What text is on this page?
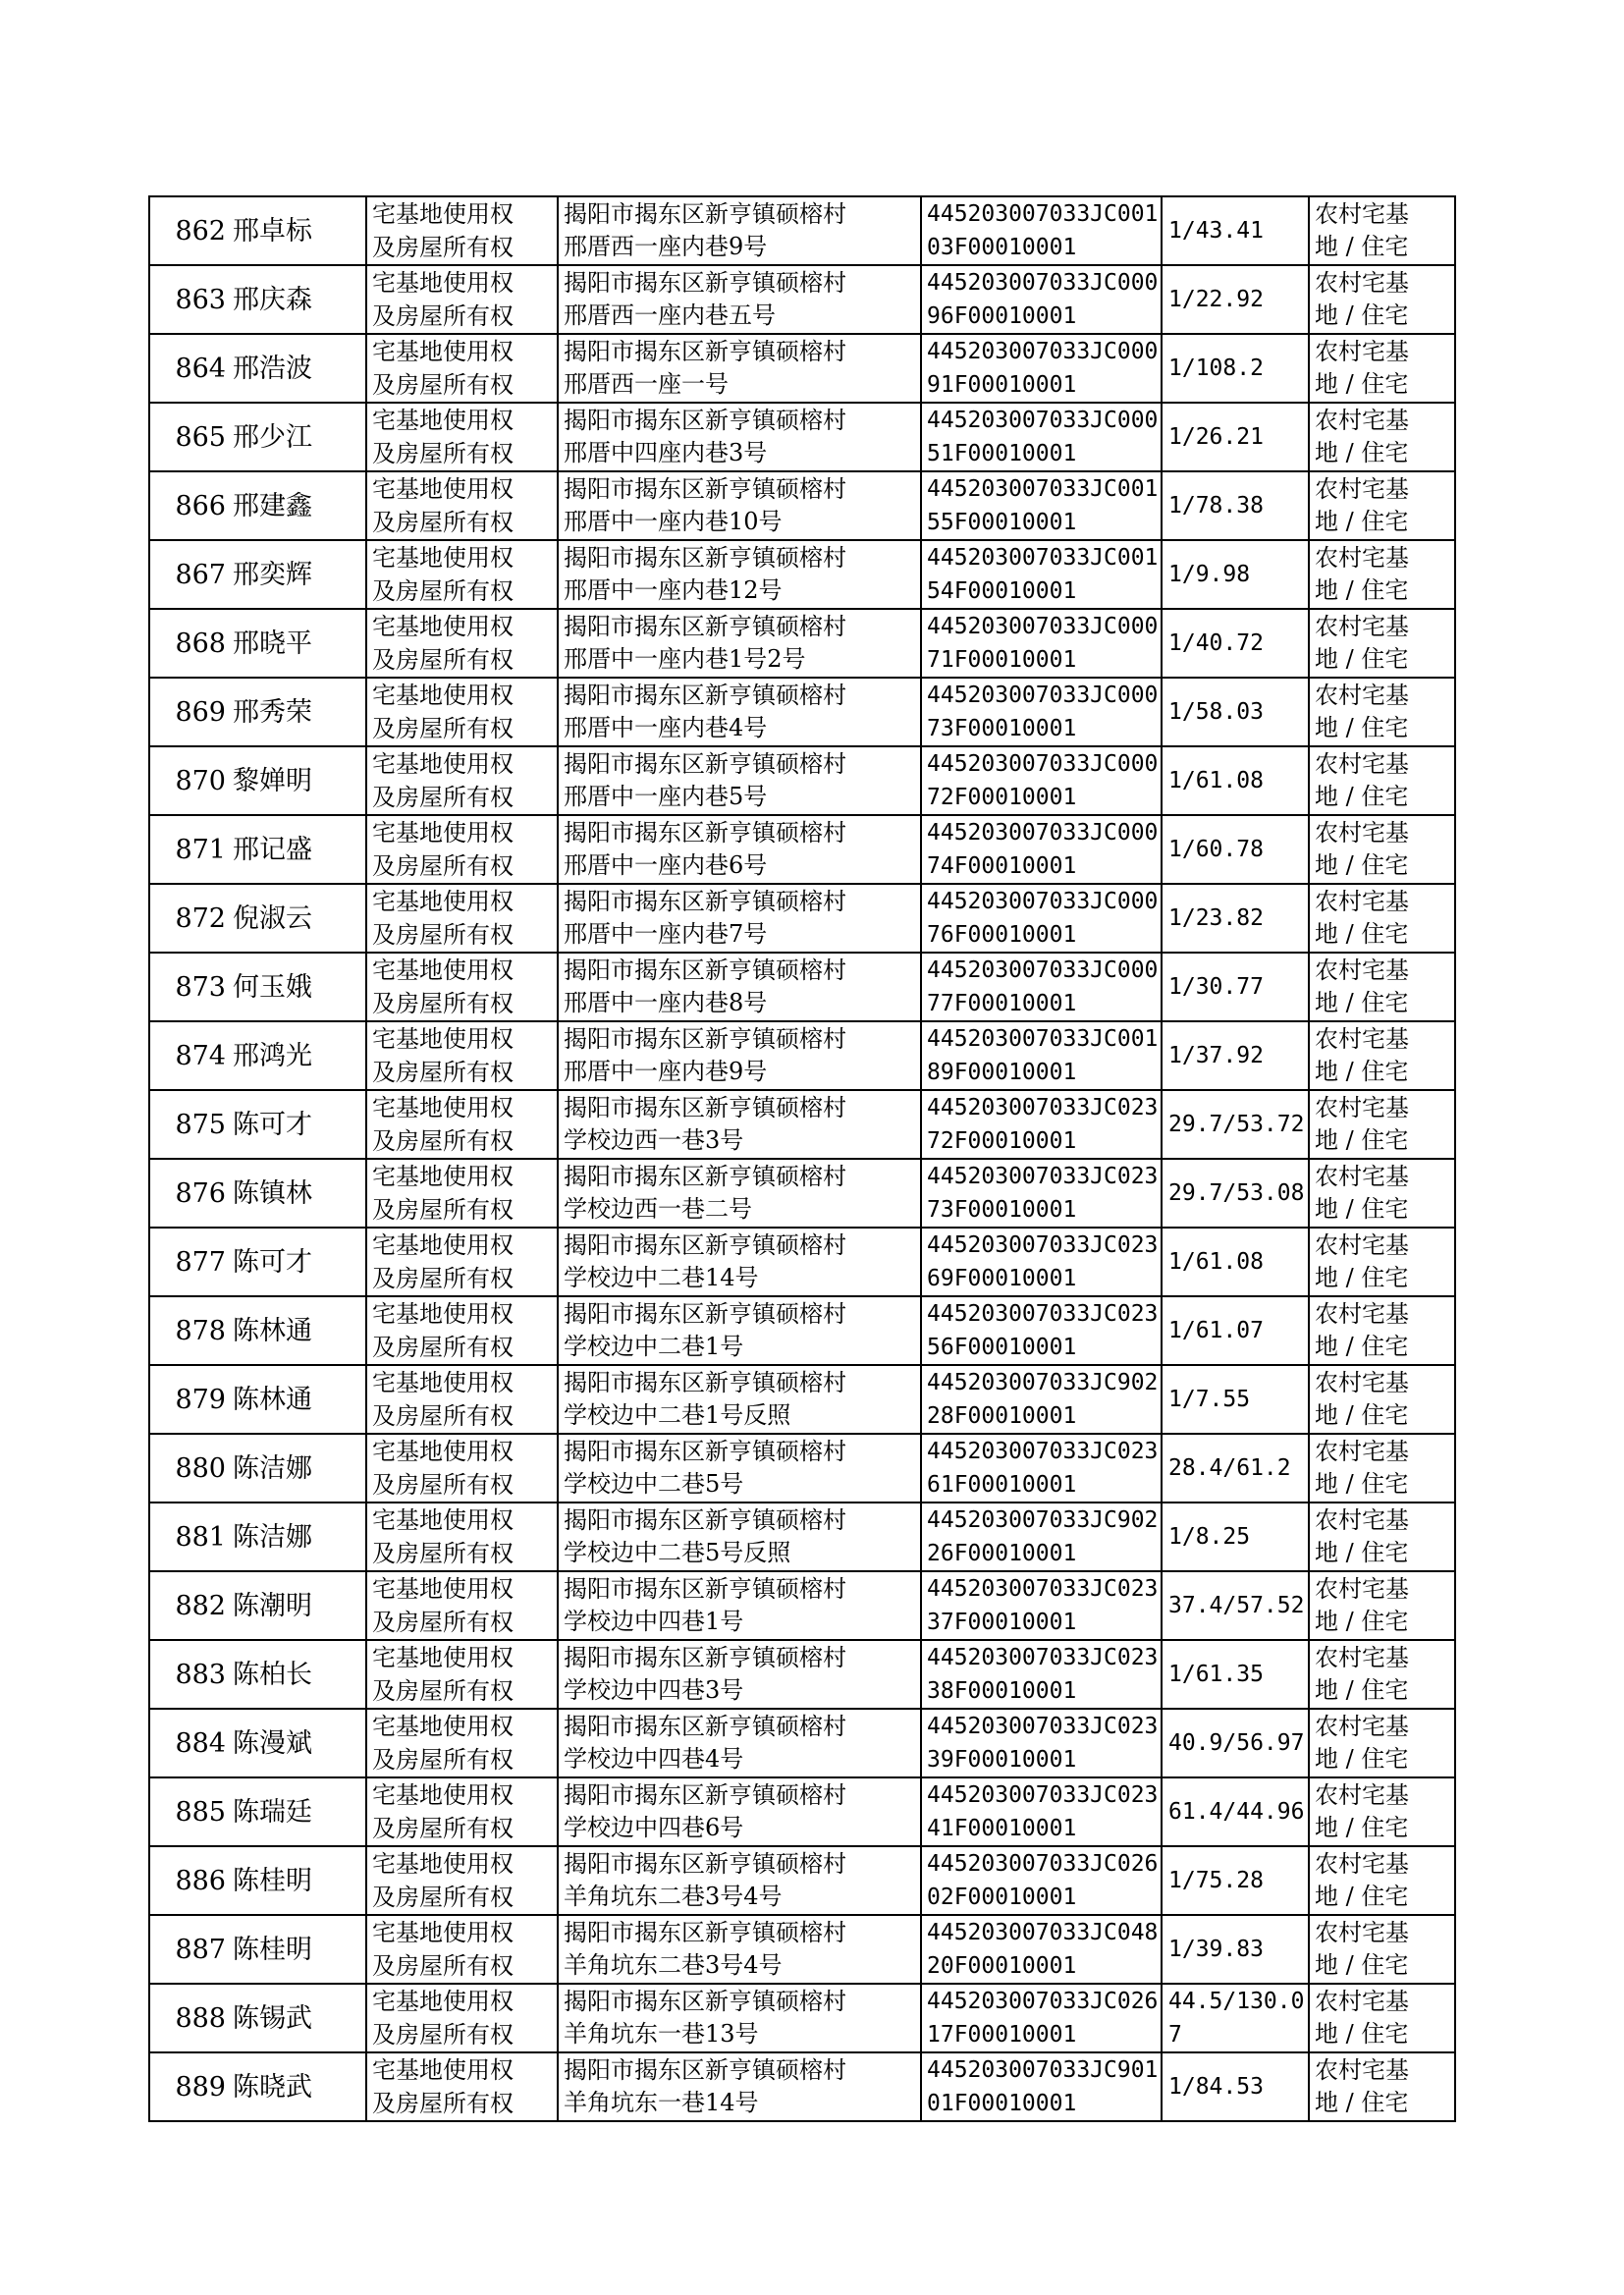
862	邢卓标	宅基地使用权
及房屋所有权	揭阳市揭东区新亨镇硕榕村
邢厝西一座内巷9号	445203007033JC00103F00010001	1/43.41	农村宅基
地 / 住宅

863	邢庆森	宅基地使用权
及房屋所有权	揭阳市揭东区新亨镇硕榕村
邢厝西一座内巷五号	445203007033JC00096F00010001	1/22.92	农村宅基
地 / 住宅

864	邢浩波	宅基地使用权
及房屋所有权	揭阳市揭东区新亨镇硕榕村
邢厝西一座一号	445203007033JC00091F00010001	1/108.2	农村宅基
地 / 住宅

865	邢少江	宅基地使用权
及房屋所有权	揭阳市揭东区新亨镇硕榕村
邢厝中四座内巷3号	445203007033JC00051F00010001	1/26.21	农村宅基
地 / 住宅

866	邢建鑫	宅基地使用权
及房屋所有权	揭阳市揭东区新亨镇硕榕村
邢厝中一座内巷10号	445203007033JC00155F00010001	1/78.38	农村宅基
地 / 住宅

867	邢奕辉	宅基地使用权
及房屋所有权	揭阳市揭东区新亨镇硕榕村
邢厝中一座内巷12号	445203007033JC00154F00010001	1/9.98	农村宅基
地 / 住宅

868	邢晓平	宅基地使用权
及房屋所有权	揭阳市揭东区新亨镇硕榕村
邢厝中一座内巷1号2号	445203007033JC00071F00010001	1/40.72	农村宅基
地 / 住宅

869	邢秀荣	宅基地使用权
及房屋所有权	揭阳市揭东区新亨镇硕榕村
邢厝中一座内巷4号	445203007033JC00073F00010001	1/58.03	农村宅基
地 / 住宅

870	黎婵明	宅基地使用权
及房屋所有权	揭阳市揭东区新亨镇硕榕村
邢厝中一座内巷5号	445203007033JC00072F00010001	1/61.08	农村宅基
地 / 住宅

871	邢记盛	宅基地使用权
及房屋所有权	揭阳市揭东区新亨镇硕榕村
邢厝中一座内巷6号	445203007033JC00074F00010001	1/60.78	农村宅基
地 / 住宅

872	倪淑云	宅基地使用权
及房屋所有权	揭阳市揭东区新亨镇硕榕村
邢厝中一座内巷7号	445203007033JC00076F00010001	1/23.82	农村宅基
地 / 住宅

873	何玉娥	宅基地使用权
及房屋所有权	揭阳市揭东区新亨镇硕榕村
邢厝中一座内巷8号	445203007033JC00077F00010001	1/30.77	农村宅基
地 / 住宅

874	邢鸿光	宅基地使用权
及房屋所有权	揭阳市揭东区新亨镇硕榕村
邢厝中一座内巷9号	445203007033JC00189F00010001	1/37.92	农村宅基
地 / 住宅

875	陈可才	宅基地使用权
及房屋所有权	揭阳市揭东区新亨镇硕榕村
学校边西一巷3号	445203007033JC02372F00010001	29.7/53.72	农村宅基
地 / 住宅

876	陈镇林	宅基地使用权
及房屋所有权	揭阳市揭东区新亨镇硕榕村
学校边西一巷二号	445203007033JC02373F00010001	29.7/53.08	农村宅基
地 / 住宅

877	陈可才	宅基地使用权
及房屋所有权	揭阳市揭东区新亨镇硕榕村
学校边中二巷14号	445203007033JC02369F00010001	1/61.08	农村宅基
地 / 住宅

878	陈林通	宅基地使用权
及房屋所有权	揭阳市揭东区新亨镇硕榕村
学校边中二巷1号	445203007033JC02356F00010001	1/61.07	农村宅基
地 / 住宅

879	陈林通	宅基地使用权
及房屋所有权	揭阳市揭东区新亨镇硕榕村
学校边中二巷1号反照	445203007033JC90228F00010001	1/7.55	农村宅基
地 / 住宅

880	陈洁娜	宅基地使用权
及房屋所有权	揭阳市揭东区新亨镇硕榕村
学校边中二巷5号	445203007033JC02361F00010001	28.4/61.2	农村宅基
地 / 住宅

881	陈洁娜	宅基地使用权
及房屋所有权	揭阳市揭东区新亨镇硕榕村
学校边中二巷5号反照	445203007033JC90226F00010001	1/8.25	农村宅基
地 / 住宅

882	陈潮明	宅基地使用权
及房屋所有权	揭阳市揭东区新亨镇硕榕村
学校边中四巷1号	445203007033JC02337F00010001	37.4/57.52	农村宅基
地 / 住宅

883	陈柏长	宅基地使用权
及房屋所有权	揭阳市揭东区新亨镇硕榕村
学校边中四巷3号	445203007033JC02338F00010001	1/61.35	农村宅基
地 / 住宅

884	陈漫斌	宅基地使用权
及房屋所有权	揭阳市揭东区新亨镇硕榕村
学校边中四巷4号	445203007033JC02339F00010001	40.9/56.97	农村宅基
地 / 住宅

885	陈瑞廷	宅基地使用权
及房屋所有权	揭阳市揭东区新亨镇硕榕村
学校边中四巷6号	445203007033JC02341F00010001	61.4/44.96	农村宅基
地 / 住宅

886	陈桂明	宅基地使用权
及房屋所有权	揭阳市揭东区新亨镇硕榕村
羊角坑东二巷3号4号	445203007033JC02602F00010001	1/75.28	农村宅基
地 / 住宅

887	陈桂明	宅基地使用权
及房屋所有权	揭阳市揭东区新亨镇硕榕村
羊角坑东二巷3号4号	445203007033JC04820F00010001	1/39.83	农村宅基
地 / 住宅

888	陈锡武	宅基地使用权
及房屋所有权	揭阳市揭东区新亨镇硕榕村
羊角坑东一巷13号	445203007033JC02617F00010001	44.5/130.07	农村宅基
地 / 住宅

889	陈晓武	宅基地使用权
及房屋所有权	揭阳市揭东区新亨镇硕榕村
羊角坑东一巷14号	445203007033JC90101F00010001	1/84.53	农村宅基
地 / 住宅
